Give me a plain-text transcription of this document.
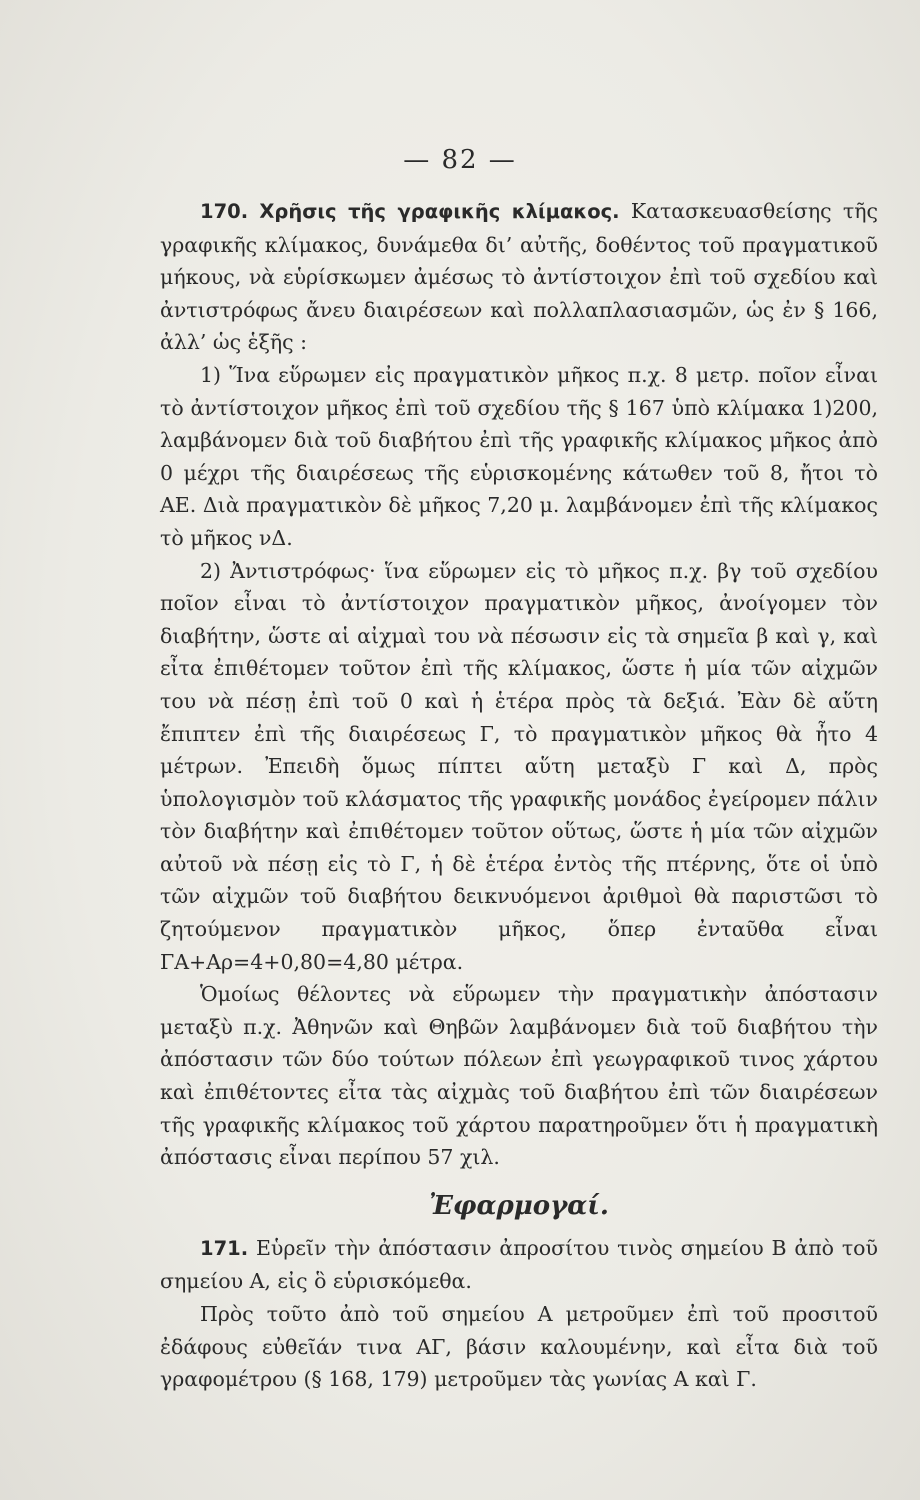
— 82 —

170. Χρῆσις τῆς γραφικῆς κλίμακος. Κατασκευασθείσης τῆς γραφικῆς κλίμακος, δυνάμεθα δι’ αὐτῆς, δοθέντος τοῦ πραγματικοῦ μήκους, νὰ εὑρίσκωμεν ἀμέσως τὸ ἀντίστοιχον ἐπὶ τοῦ σχεδίου καὶ ἀντιστρόφως ἄνευ διαιρέσεων καὶ πολλαπλασιασμῶν, ὡς ἐν § 166, ἀλλ’ ὡς ἑξῆς :

1) Ἵνα εὕρωμεν εἰς πραγματικὸν μῆκος π.χ. 8 μετρ. ποῖον εἶναι τὸ ἀντίστοιχον μῆκος ἐπὶ τοῦ σχεδίου τῆς § 167 ὑπὸ κλίμακα 1)200, λαμβάνομεν διὰ τοῦ διαβήτου ἐπὶ τῆς γραφικῆς κλίμακος μῆκος ἀπὸ 0 μέχρι τῆς διαιρέσεως τῆς εὑρισκομένης κάτωθεν τοῦ 8, ἤτοι τὸ ΑΕ. Διὰ πραγματικὸν δὲ μῆκος 7,20 μ. λαμβάνομεν ἐπὶ τῆς κλίμακος τὸ μῆκος νΔ.

2) Ἀντιστρόφως· ἵνα εὕρωμεν εἰς τὸ μῆκος π.χ. βγ τοῦ σχεδίου ποῖον εἶναι τὸ ἀντίστοιχον πραγματικὸν μῆκος, ἀνοίγομεν τὸν διαβήτην, ὥστε αἱ αἰχμαὶ του νὰ πέσωσιν εἰς τὰ σημεῖα β καὶ γ, καὶ εἶτα ἐπιθέτομεν τοῦτον ἐπὶ τῆς κλίμακος, ὥστε ἡ μία τῶν αἰχμῶν του νὰ πέσῃ ἐπὶ τοῦ 0 καὶ ἡ ἑτέρα πρὸς τὰ δεξιά. Ἐὰν δὲ αὕτη ἔπιπτεν ἐπὶ τῆς διαιρέσεως Γ, τὸ πραγματικὸν μῆκος θὰ ἦτο 4 μέτρων. Ἐπειδὴ ὅμως πίπτει αὕτη μεταξὺ Γ καὶ Δ, πρὸς ὑπολογισμὸν τοῦ κλάσματος τῆς γραφικῆς μονάδος ἐγείρομεν πάλιν τὸν διαβήτην καὶ ἐπιθέτομεν τοῦτον οὕτως, ὥστε ἡ μία τῶν αἰχμῶν αὐτοῦ νὰ πέσῃ εἰς τὸ Γ, ἡ δὲ ἑτέρα ἐντὸς τῆς πτέρνης, ὅτε οἱ ὑπὸ τῶν αἰχμῶν τοῦ διαβήτου δεικνυόμενοι ἀριθμοὶ θὰ παριστῶσι τὸ ζητούμενον πραγματικὸν μῆκος, ὅπερ ἐνταῦθα εἶναι ΓΑ+Αρ=4+0,80=4,80 μέτρα.

Ὁμοίως θέλοντες νὰ εὕρωμεν τὴν πραγματικὴν ἀπόστασιν μεταξὺ π.χ. Ἀθηνῶν καὶ Θηβῶν λαμβάνομεν διὰ τοῦ διαβήτου τὴν ἀπόστασιν τῶν δύο τούτων πόλεων ἐπὶ γεωγραφικοῦ τινος χάρτου καὶ ἐπιθέτοντες εἶτα τὰς αἰχμὰς τοῦ διαβήτου ἐπὶ τῶν διαιρέσεων τῆς γραφικῆς κλίμακος τοῦ χάρτου παρατηροῦμεν ὅτι ἡ πραγματικὴ ἀπόστασις εἶναι περίπου 57 χιλ.

Ἐφαρμογαί.

171. Εὑρεῖν τὴν ἀπόστασιν ἀπροσίτου τινὸς σημείου Β ἀπὸ τοῦ σημείου Α, εἰς ὃ εὑρισκόμεθα.

Πρὸς τοῦτο ἀπὸ τοῦ σημείου Α μετροῦμεν ἐπὶ τοῦ προσιτοῦ ἐδάφους εὐθεῖάν τινα ΑΓ, βάσιν καλουμένην, καὶ εἶτα διὰ τοῦ γραφομέτρου (§ 168, 179) μετροῦμεν τὰς γωνίας Α καὶ Γ.
